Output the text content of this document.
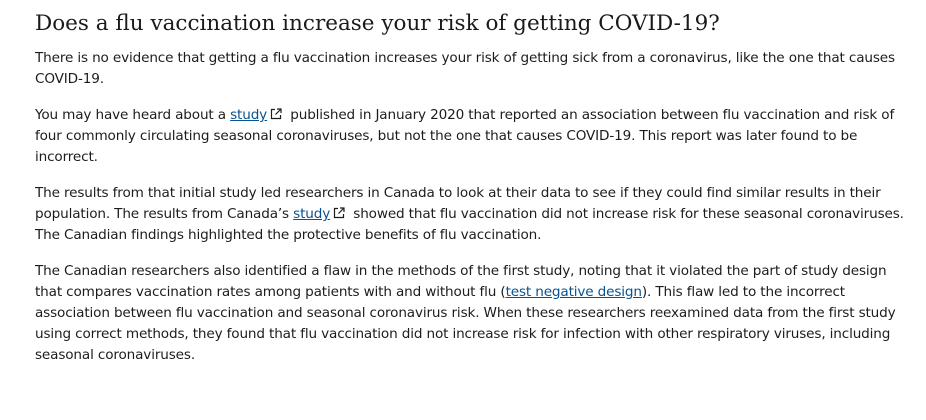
Does a flu vaccination increase your risk of getting COVID-19?

There is no evidence that getting a flu vaccination increases your risk of getting sick from a coronavirus, like the one that causes COVID-19.

You may have heard about a study
published in January 2020 that reported an association between flu vaccination and risk of four commonly circulating seasonal coronaviruses, but not the one that causes COVID-19. This report was later found to be incorrect.

The results from that initial study led researchers in Canada to look at their data to see if they could find similar results in their population. The results from Canada’s study
showed that flu vaccination did not increase risk for these seasonal coronaviruses. The Canadian findings highlighted the protective benefits of flu vaccination.

The Canadian researchers also identified a flaw in the methods of the first study, noting that it violated the part of study design that compares vaccination rates among patients with and without flu (test negative design). This flaw led to the incorrect association between flu vaccination and seasonal coronavirus risk. When these researchers reexamined data from the first study using correct methods, they found that flu vaccination did not increase risk for infection with other respiratory viruses, including seasonal coronaviruses.
